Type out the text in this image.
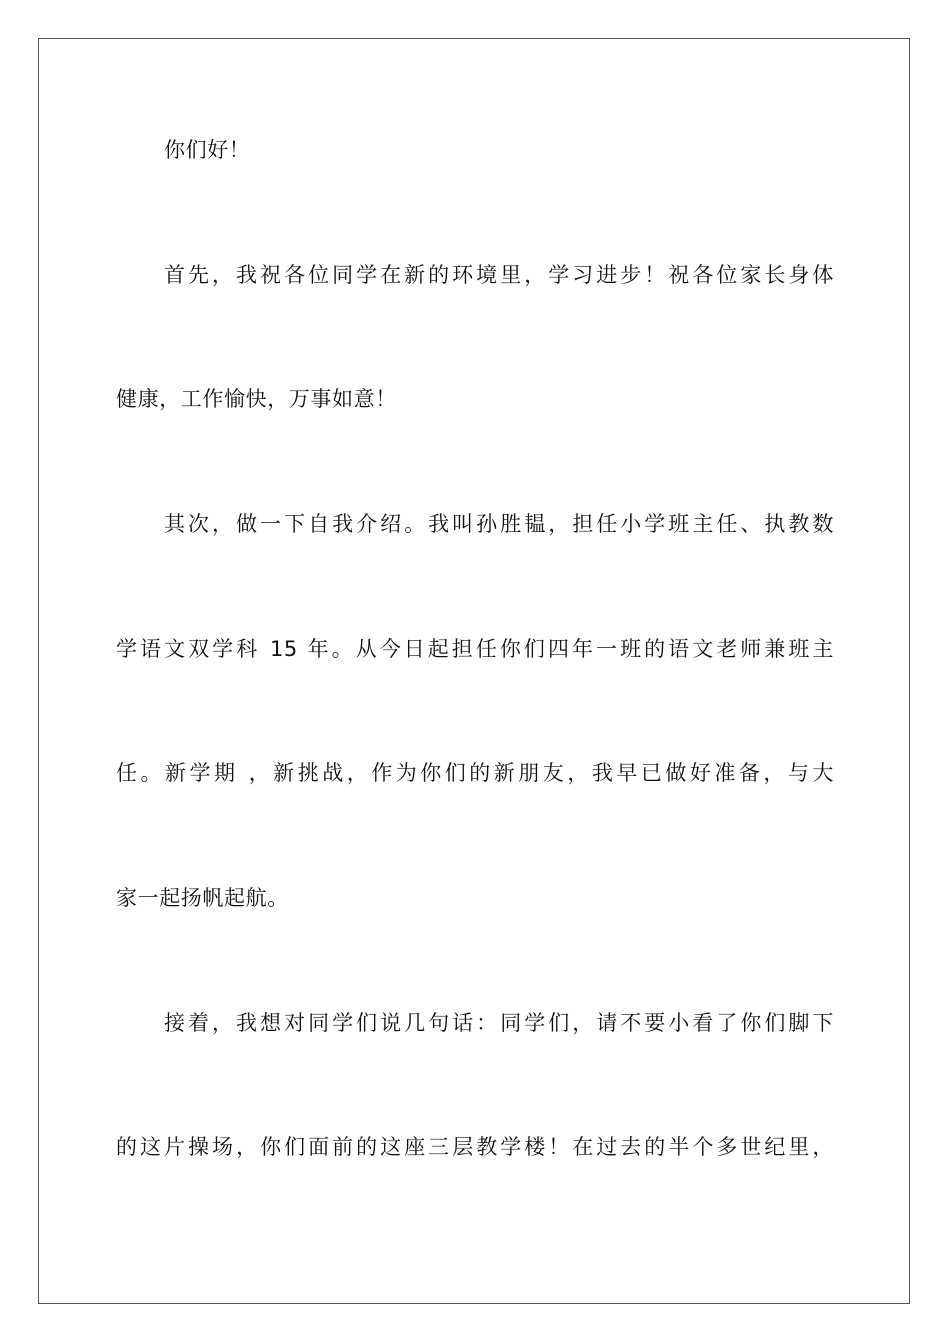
你们好！
首先，我祝各位同学在新的环境里，学习进步！祝各位家长身体
健康，工作愉快，万事如意！
其次，做一下自我介绍。我叫孙胜韫，担任小学班主任、执教数
学语文双学科 15 年。从今日起担任你们四年一班的语文老师兼班主
任。新学期 ，新挑战，作为你们的新朋友，我早已做好准备，与大
家一起扬帆起航。
接着，我想对同学们说几句话：同学们，请不要小看了你们脚下
的这片操场，你们面前的这座三层教学楼！在过去的半个多世纪里，
